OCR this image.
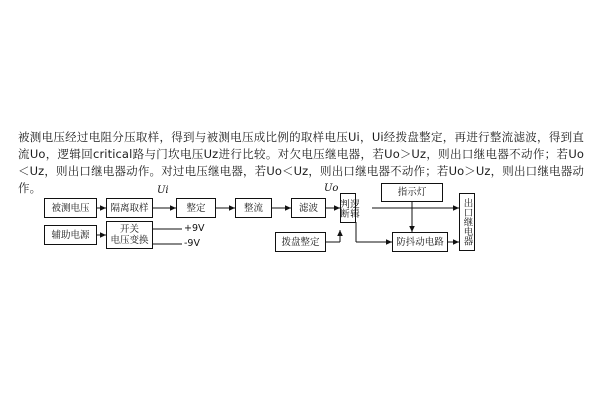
被测电压经过电阻分压取样，得到与被测电压成比例的取样电压Ui，Ui经拨盘整定，再进行整流滤波，得到直流Uo，逻辑回critical路与门坎电压Uz进行比较。对欠电压继电器，若Uo＞Uz，则出口继电器不动作；若Uo＜Uz，则出口继电器动作。对过电压继电器，若Uo＜Uz，则出口继电器不动作；若Uo＞Uz，则出口继电器动作。
被测电压 隔离取样	整定	整流	滤波	逻辑判断	出口继电器
辅助电源	开关
电压变换	拨盘整定
指示灯
防抖动电路
+9V
-9V
Ui	Uo
